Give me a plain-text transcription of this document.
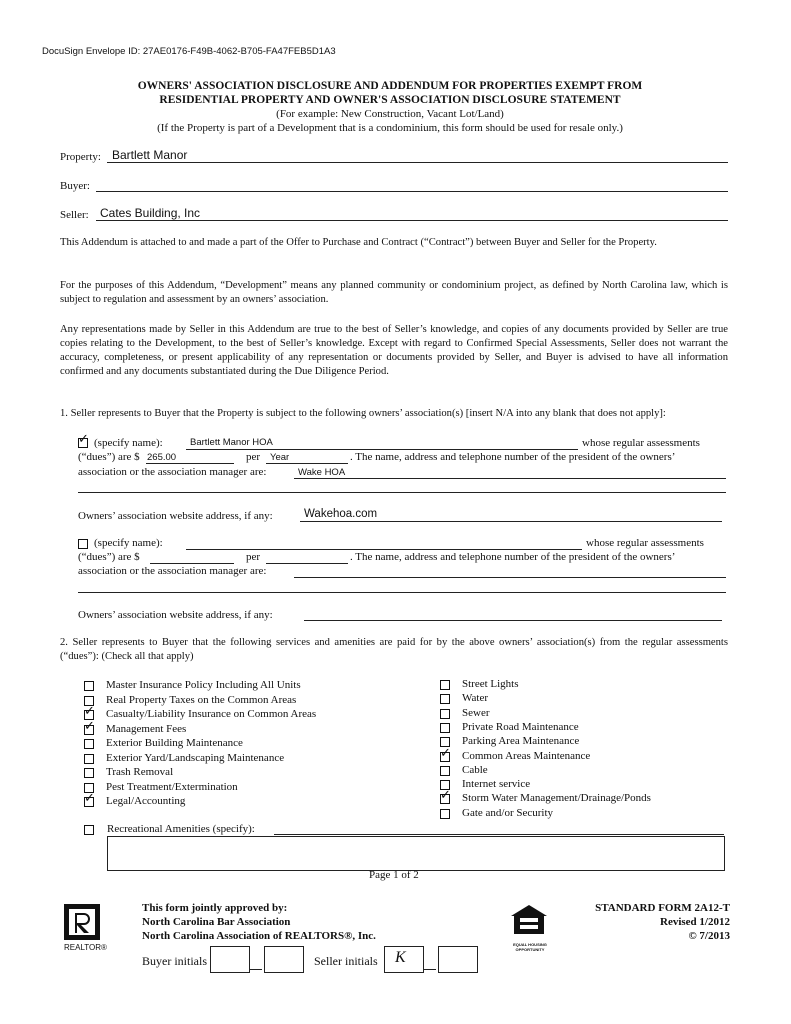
DocuSign Envelope ID: 27AE0176-F49B-4062-B705-FA47FEB5D1A3
OWNERS' ASSOCIATION DISCLOSURE AND ADDENDUM FOR PROPERTIES EXEMPT FROM
RESIDENTIAL PROPERTY AND OWNER'S ASSOCIATION DISCLOSURE STATEMENT
(For example: New Construction, Vacant Lot/Land)
(If the Property is part of a Development that is a condominium, this form should be used for resale only.)
Property: Bartlett Manor
Buyer:
Seller: Cates Building, Inc
This Addendum is attached to and made a part of the Offer to Purchase and Contract (“Contract”) between Buyer and Seller for the Property.
For the purposes of this Addendum, “Development” means any planned community or condominium project, as defined by North Carolina law, which is subject to regulation and assessment by an owners’ association.
Any representations made by Seller in this Addendum are true to the best of Seller’s knowledge, and copies of any documents provided by Seller are true copies relating to the Development, to the best of Seller’s knowledge. Except with regard to Confirmed Special Assessments, Seller does not warrant the accuracy, completeness, or present applicability of any representation or documents provided by Seller, and Buyer is advised to have all information confirmed and any documents substantiated during the Due Diligence Period.
1. Seller represents to Buyer that the Property is subject to the following owners’ association(s) [insert N/A into any blank that does not apply]:
✓ (specify name):	Bartlett Manor HOA	whose regular assessments
(“dues”) are $ 265.00	per Year	. The name, address and telephone number of the president of the owners’
association or the association manager are:	Wake HOA
Owners’ association website address, if any:	Wakehoa.com
(specify name):	whose regular assessments
(“dues”) are $	per	. The name, address and telephone number of the president of the owners’
association or the association manager are:
Owners’ association website address, if any:
2. Seller represents to Buyer that the following services and amenities are paid for by the above owners’ association(s) from the regular assessments (“dues”): (Check all that apply)
Master Insurance Policy Including All Units
Real Property Taxes on the Common Areas
✓ Casualty/Liability Insurance on Common Areas
✓ Management Fees
Exterior Building Maintenance
Exterior Yard/Landscaping Maintenance
Trash Removal
Pest Treatment/Extermination
✓ Legal/Accounting
Street Lights
Water
Sewer
Private Road Maintenance
Parking Area Maintenance
✓ Common Areas Maintenance
Cable
Internet service
✓ Storm Water Management/Drainage/Ponds
Gate and/or Security
Recreational Amenities (specify):
Page 1 of 2
REALTOR®
This form jointly approved by:
North Carolina Bar Association
North Carolina Association of REALTORS®, Inc.
EQUAL HOUSING OPPORTUNITY
STANDARD FORM 2A12-T
Revised 1/2012
© 7/2013
Buyer initials	Seller initials K
